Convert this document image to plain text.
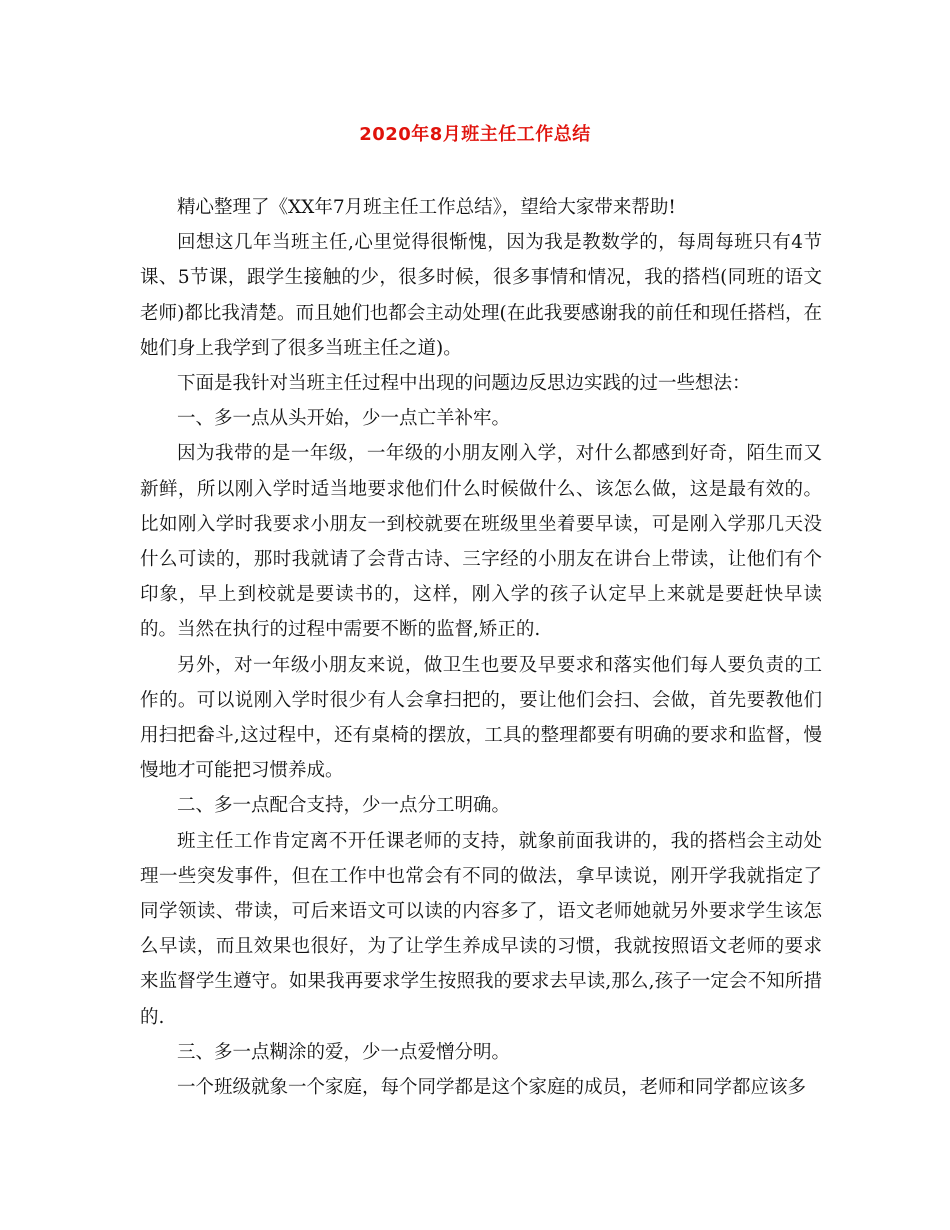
2020年8月班主任工作总结

精心整理了《XX年7月班主任工作总结》，望给大家带来帮助!

回想这几年当班主任,心里觉得很惭愧，因为我是教数学的，每周每班只有4节课、5节课，跟学生接触的少，很多时候，很多事情和情况，我的搭档(同班的语文老师)都比我清楚。而且她们也都会主动处理(在此我要感谢我的前任和现任搭档，在她们身上我学到了很多当班主任之道)。

下面是我针对当班主任过程中出现的问题边反思边实践的过一些想法：

一、多一点从头开始，少一点亡羊补牢。

因为我带的是一年级，一年级的小朋友刚入学，对什么都感到好奇，陌生而又新鲜，所以刚入学时适当地要求他们什么时候做什么、该怎么做，这是最有效的。比如刚入学时我要求小朋友一到校就要在班级里坐着要早读，可是刚入学那几天没什么可读的，那时我就请了会背古诗、三字经的小朋友在讲台上带读，让他们有个印象，早上到校就是要读书的，这样，刚入学的孩子认定早上来就是要赶快早读的。当然在执行的过程中需要不断的监督,矫正的.

另外，对一年级小朋友来说，做卫生也要及早要求和落实他们每人要负责的工作的。可以说刚入学时很少有人会拿扫把的，要让他们会扫、会做，首先要教他们用扫把畚斗,这过程中，还有桌椅的摆放，工具的整理都要有明确的要求和监督，慢慢地才可能把习惯养成。

二、多一点配合支持，少一点分工明确。

班主任工作肯定离不开任课老师的支持，就象前面我讲的，我的搭档会主动处理一些突发事件，但在工作中也常会有不同的做法，拿早读说，刚开学我就指定了同学领读、带读，可后来语文可以读的内容多了，语文老师她就另外要求学生该怎么早读，而且效果也很好，为了让学生养成早读的习惯，我就按照语文老师的要求来监督学生遵守。如果我再要求学生按照我的要求去早读,那么,孩子一定会不知所措的.

三、多一点糊涂的爱，少一点爱憎分明。

一个班级就象一个家庭，每个同学都是这个家庭的成员，老师和同学都应该多
